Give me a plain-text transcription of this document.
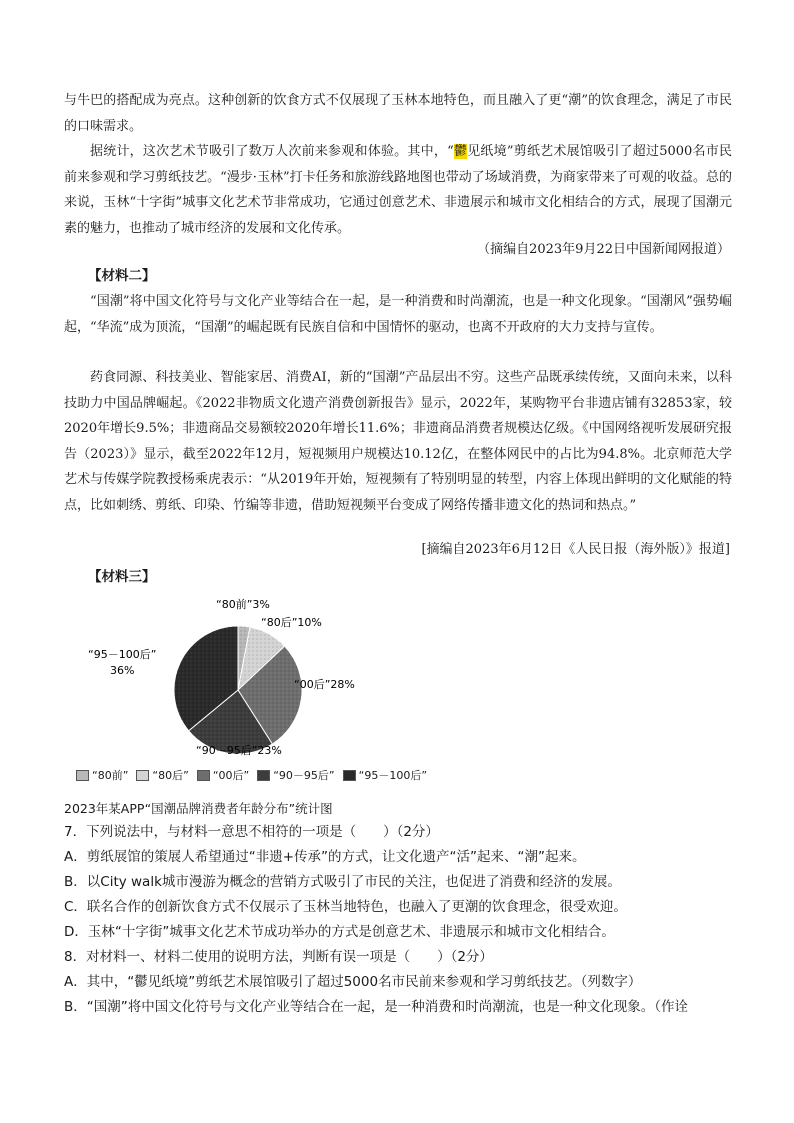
与牛巴的搭配成为亮点。这种创新的饮食方式不仅展现了玉林本地特色，而且融入了更“潮”的饮食理念，满足了市民的口味需求。

据统计，这次艺术节吸引了数万人次前来参观和体验。其中，“鬱见纸境”剪纸艺术展馆吸引了超过5000名市民前来参观和学习剪纸技艺。“漫步·玉林”打卡任务和旅游线路地图也带动了场域消费，为商家带来了可观的收益。总的来说，玉林“十字街”城事文化艺术节非常成功，它通过创意艺术、非遗展示和城市文化相结合的方式，展现了国潮元素的魅力，也推动了城市经济的发展和文化传承。

（摘编自2023年9月22日中国新闻网报道）

【材料二】

“国潮”将中国文化符号与文化产业等结合在一起，是一种消费和时尚潮流，也是一种文化现象。“国潮风”强势崛起，“华流”成为顶流，“国潮”的崛起既有民族自信和中国情怀的驱动，也离不开政府的大力支持与宣传。

药食同源、科技美业、智能家居、消费AI，新的“国潮”产品层出不穷。这些产品既承续传统，又面向未来，以科技助力中国品牌崛起。《2022非物质文化遗产消费创新报告》显示，2022年，某购物平台非遗店铺有32853家，较2020年增长9.5%；非遗商品交易额较2020年增长11.6%；非遗商品消费者规模达亿级。《中国网络视听发展研究报告（2023）》显示，截至2022年12月，短视频用户规模达10.12亿，在整体网民中的占比为94.8%。北京师范大学艺术与传媒学院教授杨乘虎表示：“从2019年开始，短视频有了特别明显的转型，内容上体现出鲜明的文化赋能的特点，比如刺绣、剪纸、印染、竹编等非遗，借助短视频平台变成了网络传播非遗文化的热词和热点。”

[摘编自2023年6月12日《人民日报（海外版）》报道]

【材料三】

“80前”3%
“80后”10%
“00后”28%
“90－95后”23%
“95－100后”
36%
“80前” “80后” “00后” “90－95后” “95－100后”

2023年某APP“国潮品牌消费者年龄分布”统计图

7．下列说法中，与材料一意思不相符的一项是（　　）（2分）

A．剪纸展馆的策展人希望通过“非遗+传承”的方式，让文化遗产“活”起来、“潮”起来。

B．以City walk城市漫游为概念的营销方式吸引了市民的关注，也促进了消费和经济的发展。

C．联名合作的创新饮食方式不仅展示了玉林当地特色，也融入了更潮的饮食理念，很受欢迎。

D．玉林“十字街”城事文化艺术节成功举办的方式是创意艺术、非遗展示和城市文化相结合。

8．对材料一、材料二使用的说明方法，判断有误一项是（　　）（2分）

A．其中，“鬱见纸境”剪纸艺术展馆吸引了超过5000名市民前来参观和学习剪纸技艺。（列数字）

B．“国潮”将中国文化符号与文化产业等结合在一起，是一种消费和时尚潮流，也是一种文化现象。（作诠
